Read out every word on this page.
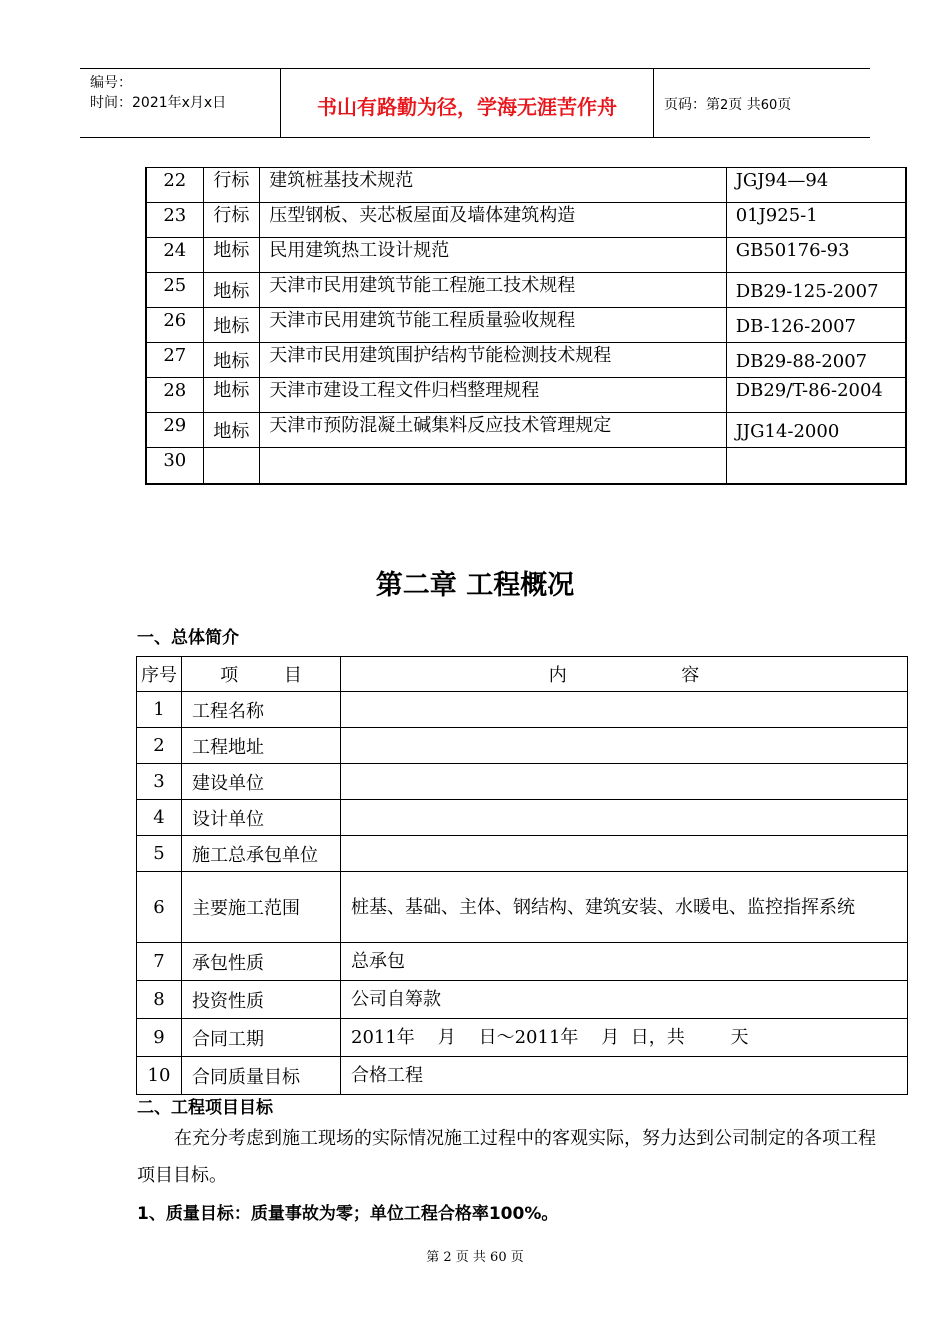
编号：
时间：2021年x月x日	书山有路勤为径，学海无涯苦作舟	页码：第2页 共60页
22	行标	建筑桩基技术规范	JGJ94—94
23	行标	压型钢板、夹芯板屋面及墙体建筑构造	01J925-1
24	地标	民用建筑热工设计规范	GB50176-93
25	地标	天津市民用建筑节能工程施工技术规程	DB29-125-2007
26	地标	天津市民用建筑节能工程质量验收规程	DB-126-2007
27	地标	天津市民用建筑围护结构节能检测技术规程	DB29-88-2007
28	地标	天津市建设工程文件归档整理规程	DB29/T-86-2004
29	地标	天津市预防混凝土碱集料反应技术管理规定	JJG14-2000
30			
第二章 工程概况
一、总体简介
序号	项        目	内                    容
1	工程名称	
2	工程地址	
3	建设单位	
4	设计单位	
5	施工总承包单位	
6	主要施工范围	桩基、基础、主体、钢结构、建筑安装、水暖电、监控指挥系统
7	承包性质	总承包
8	投资性质	公司自筹款
9	合同工期	2011年    月    日～2011年    月  日，共        天
10	合同质量目标	合格工程
二、工程项目目标
在充分考虑到施工现场的实际情况施工过程中的客观实际，努力达到公司制定的各项工程项目目标。
1、质量目标：质量事故为零；单位工程合格率100%。
第 2 页 共 60 页
